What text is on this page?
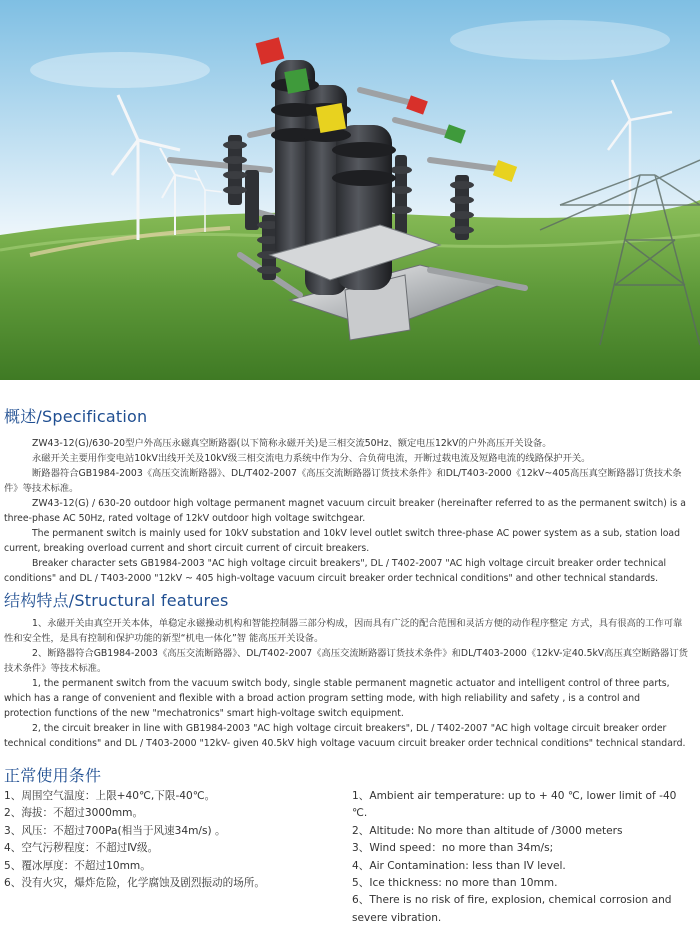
概述/Specification

ZW43-12(G)/630-20型户外高压永磁真空断路器(以下简称永磁开关)是三相交流50Hz、额定电压12kV的户外高压开关设备。

永磁开关主要用作变电站10kV出线开关及10kV级三相交流电力系统中作为分、合负荷电流，开断过载电流及短路电流的线路保护开关。

断路器符合GB1984-2003《高压交流断路器》、DL/T402-2007《高压交流断路器订货技术条件》和DL/T403-2000《12kV~405高压真空断路器订货技术条件》等技术标准。

ZW43-12(G) / 630-20 outdoor high voltage permanent magnet vacuum circuit breaker (hereinafter referred to as the permanent switch) is a three-phase AC 50Hz, rated voltage of 12kV outdoor high voltage switchgear.

The permanent switch is mainly used for 10kV substation and 10kV level outlet switch three-phase AC power system as a sub, station load current, breaking overload current and short circuit current of circuit breakers.

Breaker character sets GB1984-2003 "AC high voltage circuit breakers", DL / T402-2007 "AC high voltage circuit breaker order technical conditions" and DL / T403-2000 "12kV ~ 405 high-voltage vacuum circuit breaker order technical conditions" and other technical standards.

结构特点/Structural features

1、永磁开关由真空开关本体，单稳定永磁操动机构和智能控制器三部分构成，因而具有广泛的配合范围和灵活方便的动作程序整定 方式，具有很高的工作可靠性和安全性，是具有控制和保护功能的新型“机电一体化”智 能高压开关设备。

2、断路器符合GB1984-2003《高压交流断路器》、DL/T402-2007《高压交流断路器订货技术条件》和DL/T403-2000《12kV-定40.5kV高压真空断路器订货技术条件》等技术标准。

1, the permanent switch from the vacuum switch body, single stable permanent magnetic actuator and intelligent control of three parts, which has a range of convenient and flexible with a broad action program setting mode, with high reliability and safety , is a control and protection functions of the new "mechatronics" smart high-voltage switch equipment.

2, the circuit breaker in line with GB1984-2003 "AC high voltage circuit breakers", DL / T402-2007 "AC high voltage circuit breaker order technical conditions" and DL / T403-2000 "12kV- given 40.5kV high voltage vacuum circuit breaker order technical conditions" technical standard.

正常使用条件
1、周围空气温度：上限+40℃,下限-40℃。
2、海拔：不超过3000mm。
3、风压：不超过700Pa(相当于风速34m/s) 。
4、空气污秽程度：不超过Ⅳ级。
5、覆冰厚度：不超过10mm。
6、没有火灾，爆炸危险，化学腐蚀及剧烈振动的场所。
1、Ambient air temperature: up to + 40 ℃, lower limit of -40 ℃.
2、Altitude: No more than altitude of /3000 meters
3、Wind speed：no more than 34m/s;
4、Air Contamination: less than IV level.
5、Ice thickness: no more than 10mm.
6、There is no risk of fire, explosion, chemical corrosion and severe vibration.
